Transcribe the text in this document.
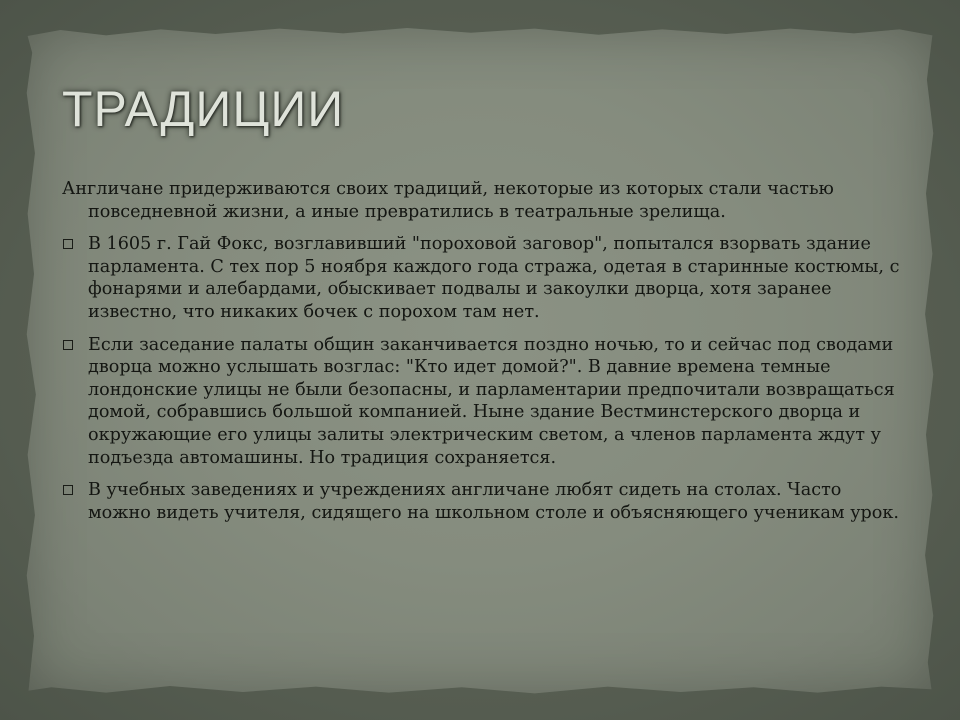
ТРАДИЦИИ

Англичане придерживаются своих традиций, некоторые из которых стали частью повседневной жизни, а иные превратились в театральные зрелища.

В 1605 г. Гай Фокс, возглавивший "пороховой заговор", попытался взорвать здание парламента. С тех пор 5 ноября каждого года стража, одетая в старинные костюмы, с фонарями и алебардами, обыскивает подвалы и закоулки дворца, хотя заранее известно, что никаких бочек с порохом там нет.
Если заседание палаты общин заканчивается поздно ночью, то и сейчас под сводами дворца можно услышать возглас: "Кто идет домой?". В давние времена темные лондонские улицы не были безопасны, и парламентарии предпочитали возвращаться домой, собравшись большой компанией. Ныне здание Вестминстерского дворца и окружающие его улицы залиты электрическим светом, а членов парламента ждут у подъезда автомашины. Но традиция сохраняется.
В учебных заведениях и учреждениях англичане любят сидеть на столах. Часто можно видеть учителя, сидящего на школьном столе и объясняющего ученикам урок.
